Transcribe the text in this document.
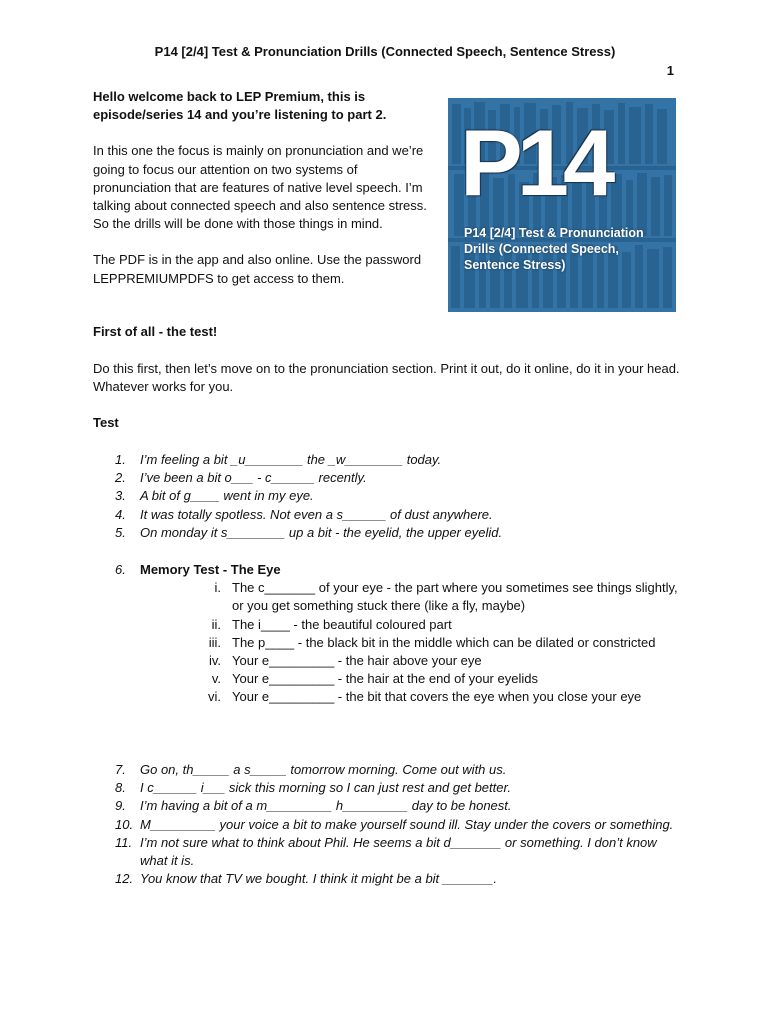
P14 [2/4] Test & Pronunciation Drills (Connected Speech, Sentence Stress)
1

Hello welcome back to LEP Premium, this is episode/series 14 and you’re listening to part 2.

In this one the focus is mainly on pronunciation and we’re going to focus our attention on two systems of pronunciation that are features of native level speech. I’m talking about connected speech and also sentence stress. So the drills will be done with those things in mind.

The PDF is in the app and also online. Use the password LEPPREMIUMPDFS to get access to them.

P14
P14 [2/4] Test & Pronunciation Drills (Connected Speech, Sentence Stress)
First of all - the test!
Do this first, then let’s move on to the pronunciation section. Print it out, do it online, do it in your head. Whatever works for you.
Test
1. I’m feeling a bit _u________ the _w________ today.
2. I’ve been a bit o___ - c______ recently.
3. A bit of g____ went in my eye.
4. It was totally spotless. Not even a s______ of dust anywhere.
5. On monday it s________ up a bit - the eyelid, the upper eyelid.
6. Memory Test - The Eye
i. The c_______ of your eye - the part where you sometimes see things slightly, or you get something stuck there (like a fly, maybe)
ii. The i____ - the beautiful coloured part
iii. The p____ - the black bit in the middle which can be dilated or constricted
iv. Your e_________ - the hair above your eye
v. Your e_________ - the hair at the end of your eyelids
vi. Your e_________ - the bit that covers the eye when you close your eye
7. Go on, th_____ a s_____ tomorrow morning. Come out with us.
8. I c______ i___ sick this morning so I can just rest and get better.
9. I’m having a bit of a m_________ h_________ day to be honest.
10. M_________ your voice a bit to make yourself sound ill. Stay under the covers or something.
11. I’m not sure what to think about Phil. He seems a bit d_______ or something. I don’t know what it is.
12. You know that TV we bought. I think it might be a bit _______.
